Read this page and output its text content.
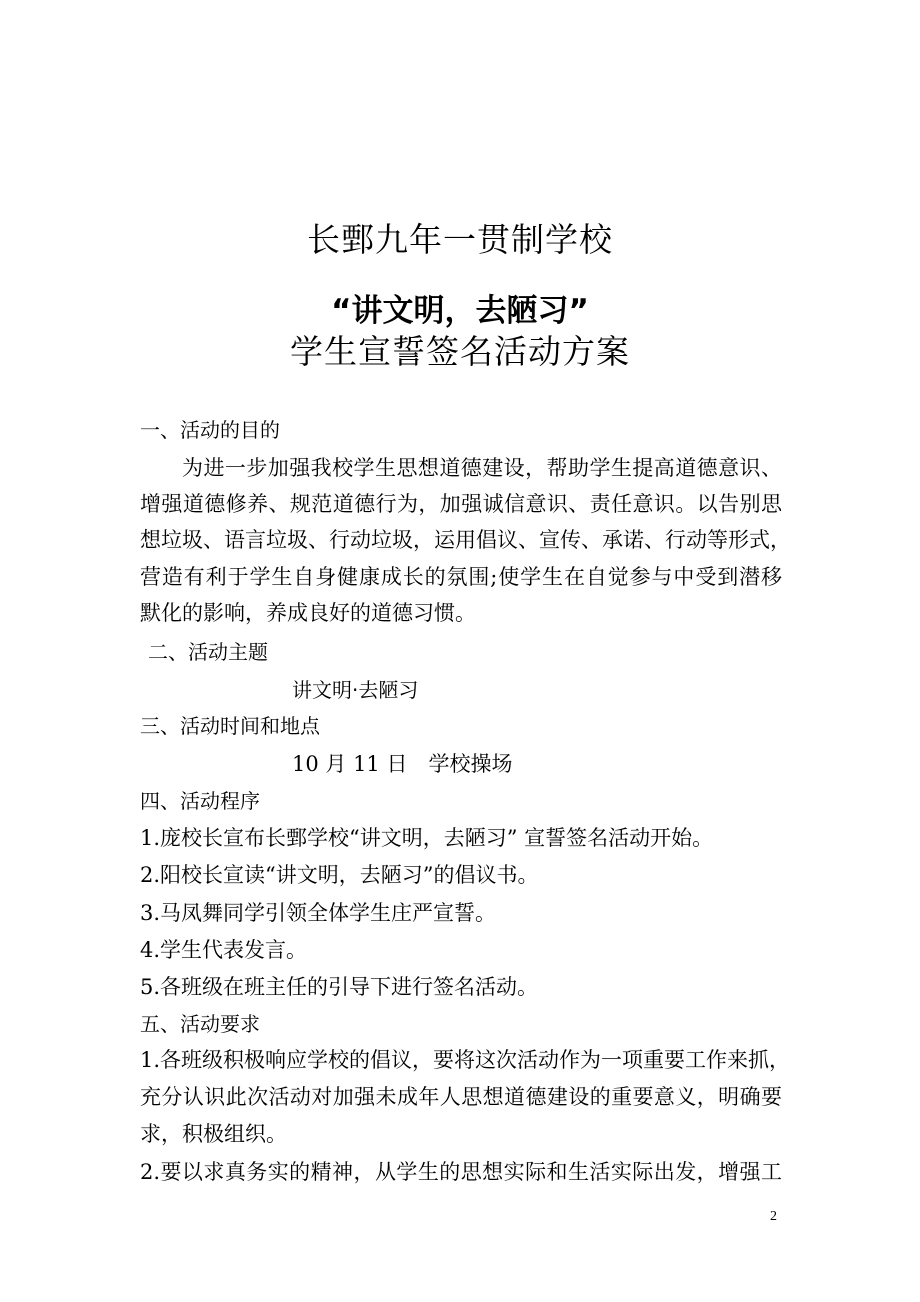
长鄄九年一贯制学校
“讲文明，去陋习”
学生宣誓签名活动方案
一、活动的目的
为进一步加强我校学生思想道德建设，帮助学生提高道德意识、
增强道德修养、规范道德行为，加强诚信意识、责任意识。以告别思
想垃圾、语言垃圾、行动垃圾，运用倡议、宣传、承诺、行动等形式，
营造有利于学生自身健康成长的氛围;使学生在自觉参与中受到潜移
默化的影响，养成良好的道德习惯。
二、活动主题
讲文明·去陋习
三、活动时间和地点
10 月 11 日　学校操场
四、活动程序
1.庞校长宣布长鄄学校“讲文明，去陋习” 宣誓签名活动开始。
2.阳校长宣读“讲文明，去陋习”的倡议书。
3.马凤舞同学引领全体学生庄严宣誓。
4.学生代表发言。
5.各班级在班主任的引导下进行签名活动。
五、活动要求
1.各班级积极响应学校的倡议，要将这次活动作为一项重要工作来抓，
充分认识此次活动对加强未成年人思想道德建设的重要意义，明确要
求，积极组织。
2.要以求真务实的精神，从学生的思想实际和生活实际出发，增强工
2
